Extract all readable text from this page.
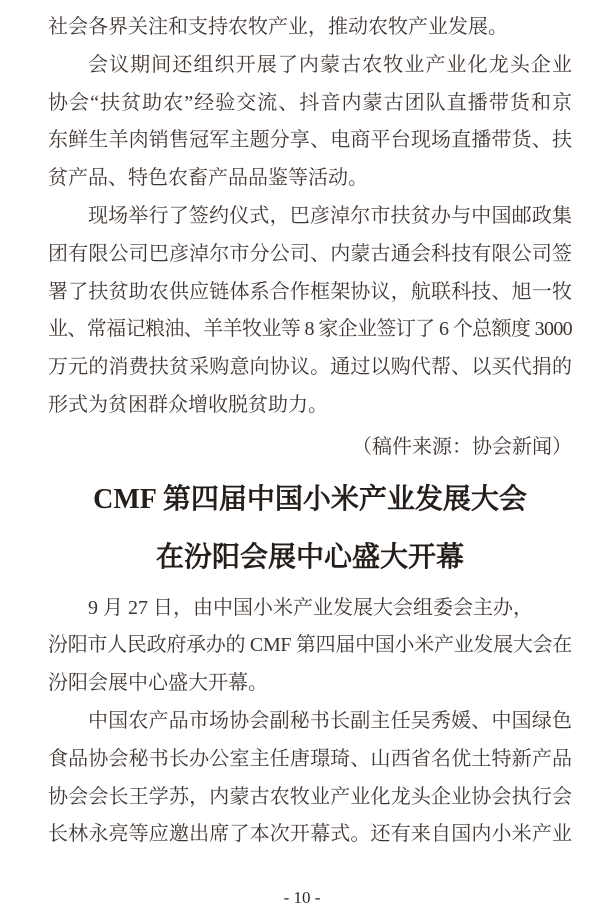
社会各界关注和支持农牧产业，推动农牧产业发展。
会议期间还组织开展了内蒙古农牧业产业化龙头企业
协会“扶贫助农”经验交流、抖音内蒙古团队直播带货和京
东鲜生羊肉销售冠军主题分享、电商平台现场直播带货、扶
贫产品、特色农畜产品品鉴等活动。
现场举行了签约仪式，巴彦淖尔市扶贫办与中国邮政集
团有限公司巴彦淖尔市分公司、内蒙古通会科技有限公司签
署了扶贫助农供应链体系合作框架协议，航联科技、旭一牧
业、常福记粮油、羊羊牧业等 8 家企业签订了 6 个总额度 3000
万元的消费扶贫采购意向协议。通过以购代帮、以买代捐的
形式为贫困群众增收脱贫助力。
（稿件来源：协会新闻）
CMF 第四届中国小米产业发展大会
在汾阳会展中心盛大开幕
9 月 27 日，由中国小米产业发展大会组委会主办，
汾阳市人民政府承办的 CMF 第四届中国小米产业发展大会在
汾阳会展中心盛大开幕。
中国农产品市场协会副秘书长副主任吴秀媛、中国绿色
食品协会秘书长办公室主任唐璟琦、山西省名优土特新产品
协会会长王学苏，内蒙古农牧业产业化龙头企业协会执行会
长林永亮等应邀出席了本次开幕式。还有来自国内小米产业
- 10 -
